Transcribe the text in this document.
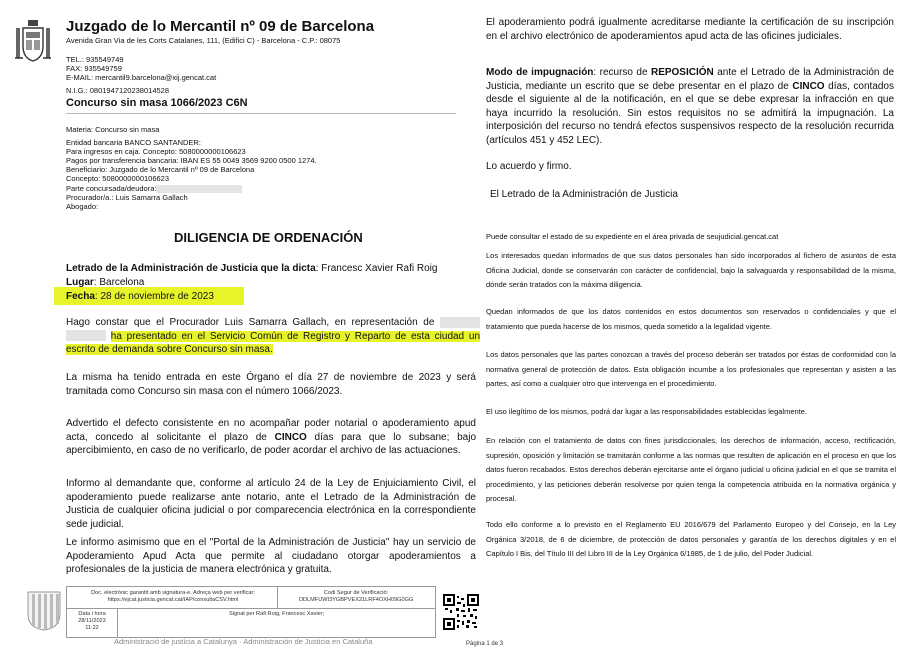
Juzgado de lo Mercantil nº 09 de Barcelona
Avenida Gran Via de les Corts Catalanes, 111, (Edifici C) - Barcelona - C.P.: 08075
TEL.: 935549749
FAX: 935549759
E-MAIL: mercantil9.barcelona@xij.gencat.cat
N.I.G.: 0801947120238014528
Concurso sin masa 1066/2023 C6N
Materia: Concurso sin masa
Entidad bancaria BANCO SANTANDER:
Para ingresos en caja. Concepto: 5080000000106623
Pagos por transferencia bancaria: IBAN ES 55 0049 3569 9200 0500 1274.
Beneficiario: Juzgado de lo Mercantil nº 09 de Barcelona
Concepto: 5080000000106623
Parte concursada/deudora:
Procurador/a.: Luis Samarra Gallach
Abogado:
DILIGENCIA DE ORDENACIÓN
Letrado de la Administración de Justicia que la dicta: Francesc Xavier Rafi Roig
Lugar: Barcelona
Fecha: 28 de noviembre de 2023
Hago constar que el Procurador Luis Samarra Gallach, en representación de   ha presentado en el Servicio Común de Registro y Reparto de esta ciudad un escrito de demanda sobre Concurso sin masa.
La misma ha tenido entrada en este Órgano el día 27 de noviembre de 2023 y será tramitada como Concurso sin masa con el número 1066/2023.
Advertido el defecto consistente en no acompañar poder notarial o apoderamiento apud acta, concedo al solicitante el plazo de CINCO días para que lo subsane; bajo apercibimiento, en caso de no verificarlo, de poder acordar el archivo de las actuaciones.
Informo al demandante que, conforme al artículo 24 de la Ley de Enjuiciamiento Civil, el apoderamiento puede realizarse ante notario, ante el Letrado de la Administración de Justicia de cualquier oficina judicial o por comparecencia electrónica en la correspondiente sede judicial.
Le informo asimismo que en el "Portal de la Administración de Justicia" hay un servicio de Apoderamiento Apud Acta que permite al ciudadano otorgar apoderamientos a profesionales de la justicia de manera electrónica y gratuita.
El apoderamiento podrá igualmente acreditarse mediante la certificación de su inscripción en el archivo electrónico de apoderamientos apud acta de las oficines judiciales.
Modo de impugnación: recurso de REPOSICIÓN ante el Letrado de la Administración de Justicia, mediante un escrito que se debe presentar en el plazo de CINCO días, contados desde el siguiente al de la notificación, en el que se debe expresar la infracción en que haya incurrido la resolución. Sin estos requisitos no se admitirá la impugnación. La interposición del recurso no tendrá efectos suspensivos respecto de la resolución recurrida (artículos 451 y 452 LEC).
Lo acuerdo y firmo.
El Letrado de la Administración de Justicia
Puede consultar el estado de su expediente en el área privada de seujudicial.gencat.cat
Los interesados quedan informados de que sus datos personales han sido incorporados al fichero de asuntos de esta Oficina Judicial, donde se conservarán con carácter de confidencial, bajo la salvaguarda y responsabilidad de la misma, dónde serán tratados con la máxima diligencia.
Quedan informados de que los datos contenidos en estos documentos son reservados o confidenciales y que el tratamiento que pueda hacerse de los mismos, queda sometido a la legalidad vigente.
Los datos personales que las partes conozcan a través del proceso deberán ser tratados por éstas de conformidad con la normativa general de protección de datos. Esta obligación incumbe a los profesionales que representan y asisten a las partes, así como a cualquier otro que intervenga en el procedimiento.
El uso ilegítimo de los mismos, podrá dar lugar a las responsabilidades establecidas legalmente.
En relación con el tratamiento de datos con fines jurisdiccionales, los derechos de información, acceso, rectificación, supresión, oposición y limitación se tramitarán conforme a las normas que resulten de aplicación en el proceso en que los datos fueron recabados. Estos derechos deberán ejercitarse ante el órgano judicial u oficina judicial en el que se tramita el procedimiento, y las peticiones deberán resolverse por quien tenga la competencia atribuida en la normativa orgánica y procesal.
Todo ello conforme a lo previsto en el Reglamento EU 2016/679 del Parlamento Europeo y del Consejo, en la Ley Orgánica 3/2018, de 6 de diciembre, de protección de datos personales y garantía de los derechos digitales y en el Capítulo I Bis, del Título III del Libro III de la Ley Orgánica 6/1985, de 1 de julio, del Poder Judicial.
Doc. electrònic garantit amb signatura-e. Adreça web per verificar:
https://ejcat.justicia.gencat.cat/IAP/consultaCSV.html
Codi Segur de Verificació:
ODLMFUWI3YGBPVEX21LRF4OXH09G0GG
Data i hora
28/11/2023
11:22
Signat per Rafi Roig, Francesc Xavier;
Administració de justícia a Catalunya · Administración de Justicia en Cataluña	Pàgina 1 de 3
